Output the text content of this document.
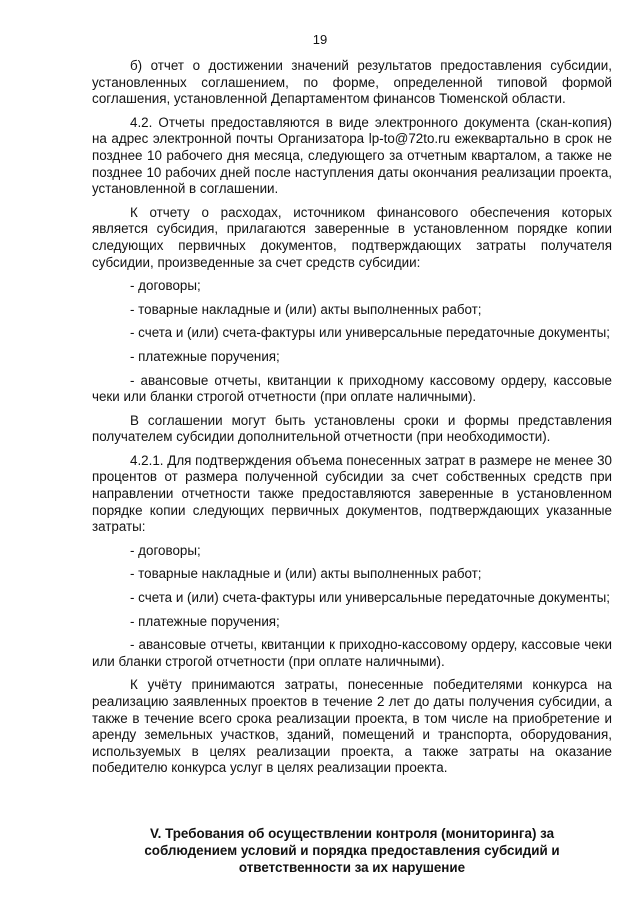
19

б) отчет о достижении значений результатов предоставления субсидии, установленных соглашением, по форме, определенной типовой формой соглашения, установленной Департаментом финансов Тюменской области.

4.2. Отчеты предоставляются в виде электронного документа (скан-копия) на адрес электронной почты Организатора lp-to@72to.ru ежеквартально в срок не позднее 10 рабочего дня месяца, следующего за отчетным кварталом, а также не позднее 10 рабочих дней после наступления даты окончания реализации проекта, установленной в соглашении.

К отчету о расходах, источником финансового обеспечения которых является субсидия, прилагаются заверенные в установленном порядке копии следующих первичных документов, подтверждающих затраты получателя субсидии, произведенные за счет средств субсидии:

- договоры;

- товарные накладные и (или) акты выполненных работ;

- счета и (или) счета-фактуры или универсальные передаточные документы;

- платежные поручения;

- авансовые отчеты, квитанции к приходному кассовому ордеру, кассовые чеки или бланки строгой отчетности (при оплате наличными).

В соглашении могут быть установлены сроки и формы представления получателем субсидии дополнительной отчетности (при необходимости).

4.2.1. Для подтверждения объема понесенных затрат в размере не менее 30 процентов от размера полученной субсидии за счет собственных средств при направлении отчетности также предоставляются заверенные в установленном порядке копии следующих первичных документов, подтверждающих указанные затраты:

- договоры;

- товарные накладные и (или) акты выполненных работ;

- счета и (или) счета-фактуры или универсальные передаточные документы;

- платежные поручения;

- авансовые отчеты, квитанции к приходно-кассовому ордеру, кассовые чеки или бланки строгой отчетности (при оплате наличными).

К учёту принимаются затраты, понесенные победителями конкурса на реализацию заявленных проектов в течение 2 лет до даты получения субсидии, а также в течение всего срока реализации проекта, в том числе на приобретение и аренду земельных участков, зданий, помещений и транспорта, оборудования, используемых в целях реализации проекта, а также затраты на оказание победителю конкурса услуг в целях реализации проекта.

V. Требования об осуществлении контроля (мониторинга) за
соблюдением условий и порядка предоставления субсидий и
ответственности за их нарушение
